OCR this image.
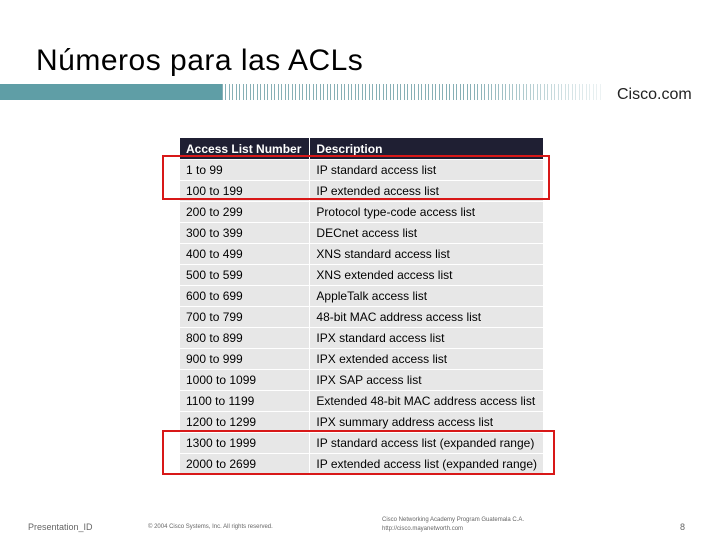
Números para las ACLs
Cisco.com
Access List Number	Description
1 to 99	IP standard access list
100 to 199	IP extended access list
200 to 299	Protocol type-code access list
300 to 399	DECnet access list
400 to 499	XNS standard access list
500 to 599	XNS extended access list
600 to 699	AppleTalk access list
700 to 799	48-bit MAC address access list
800 to 899	IPX standard access list
900 to 999	IPX extended access list
1000 to 1099	IPX SAP access list
1100 to 1199	Extended 48-bit MAC address access list
1200 to 1299	IPX summary address access list
1300 to 1999	IP standard access list (expanded range)
2000 to 2699	IP extended access list (expanded range)
Presentation_ID	© 2004 Cisco Systems, Inc. All rights reserved.
Cisco Networking Academy Program Guatemala C.A.
http://cisco.mayanetworth.com	8
